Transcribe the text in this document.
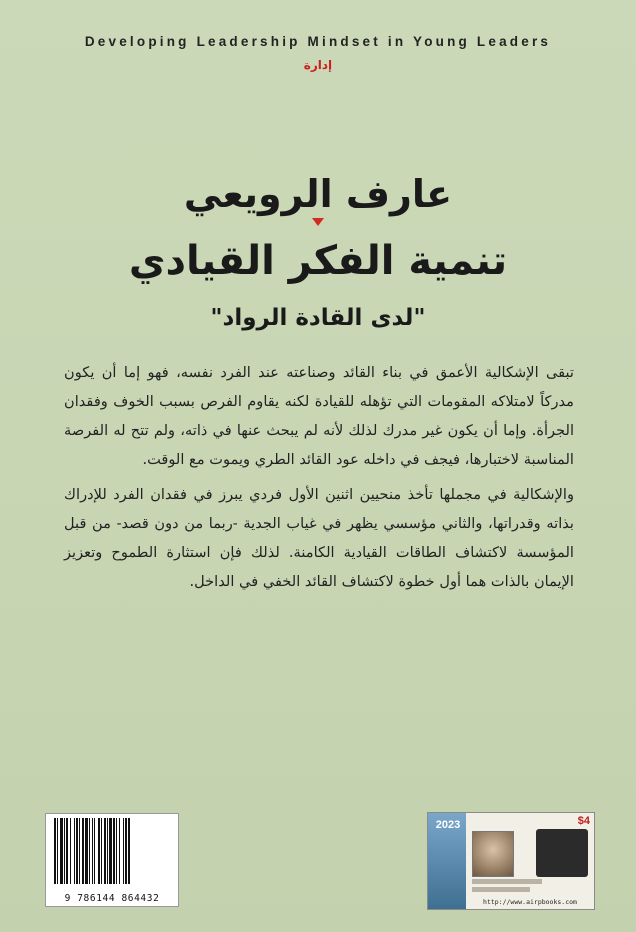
Developing Leadership Mindset in Young Leaders
إدارة
عارف الرويعي
تنمية الفكر القيادي
"لدى القادة الرواد"

تبقى الإشكالية الأعمق في بناء القائد وصناعته عند الفرد نفسه، فهو إما أن يكون مدركاً لامتلاكه المقومات التي تؤهله للقيادة لكنه يقاوم الفرص بسبب الخوف وفقدان الجرأة. وإما أن يكون غير مدرك لذلك لأنه لم يبحث عنها في ذاته، ولم تتح له الفرصة المناسبة لاختبارها، فيجف في داخله عود القائد الطري ويموت مع الوقت.

والإشكالية في مجملها تأخذ منحيين اثنين الأول فردي يبرز في فقدان الفرد للإدراك بذاته وقدراتها، والثاني مؤسسي يظهر في غياب الجدية -ربما من دون قصد- من قبل المؤسسة لاكتشاف الطاقات القيادية الكامنة. لذلك فإن استثارة الطموح وتعزيز الإيمان بالذات هما أول خطوة لاكتشاف القائد الخفي في الداخل.

9 786144 864432
2023	$4
http://www.airpbooks.com
